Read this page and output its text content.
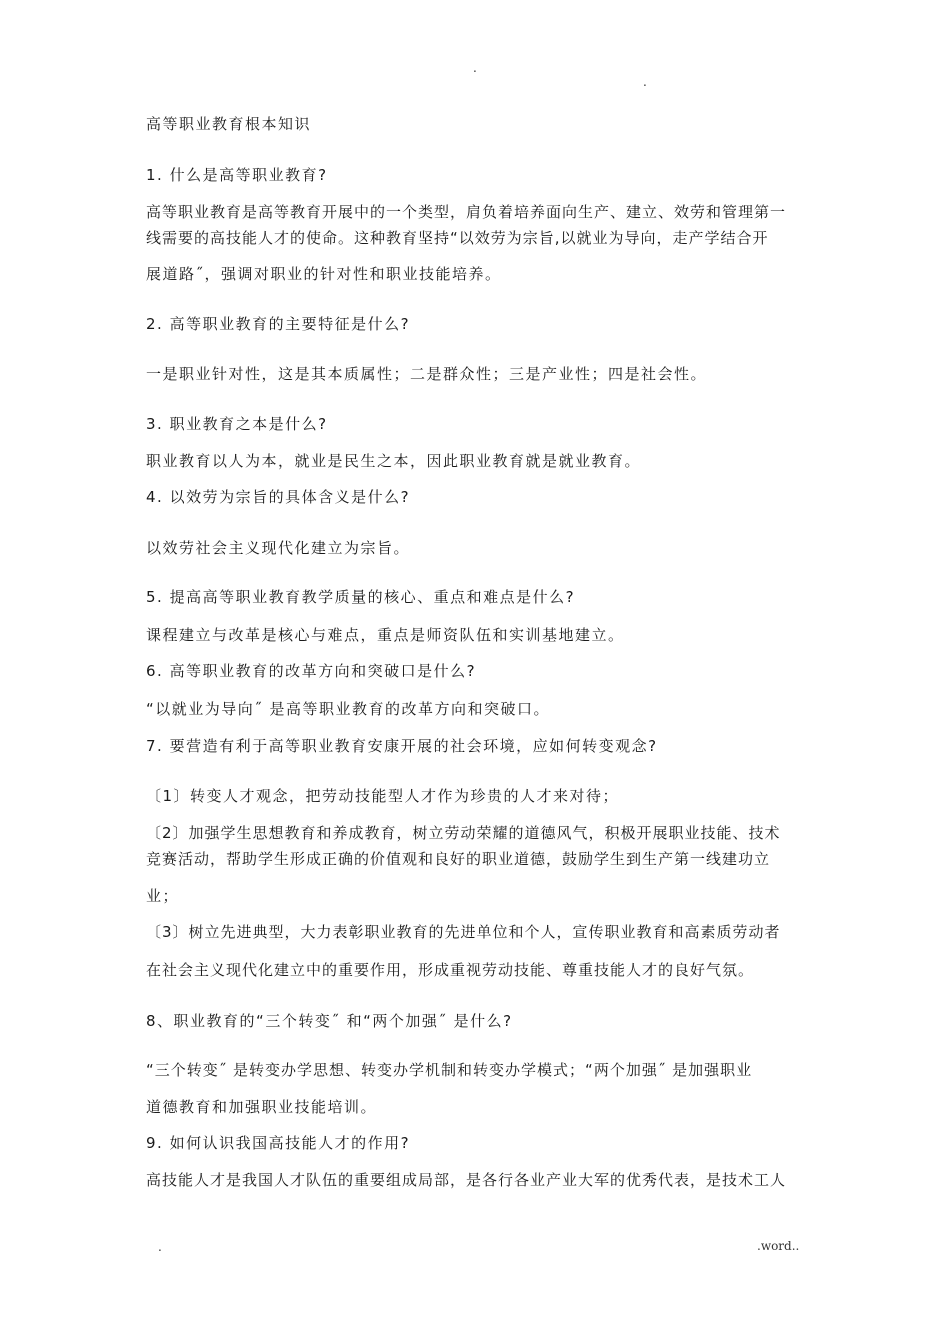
.
.
高等职业教育根本知识
1. 什么是高等职业教育?
高等职业教育是高等教育开展中的一个类型，肩负着培养面向生产、建立、效劳和管理第一
线需要的高技能人才的使命。这种教育坚持“以效劳为宗旨,以就业为导向，走产学结合开
展道路˝，强调对职业的针对性和职业技能培养。
2. 高等职业教育的主要特征是什么?
一是职业针对性，这是其本质属性；二是群众性；三是产业性；四是社会性。
3. 职业教育之本是什么?
职业教育以人为本，就业是民生之本，因此职业教育就是就业教育。
4. 以效劳为宗旨的具体含义是什么?
以效劳社会主义现代化建立为宗旨。
5. 提高高等职业教育教学质量的核心、重点和难点是什么?
课程建立与改革是核心与难点，重点是师资队伍和实训基地建立。
6. 高等职业教育的改革方向和突破口是什么?
“以就业为导向˝ 是高等职业教育的改革方向和突破口。
7. 要营造有利于高等职业教育安康开展的社会环境，应如何转变观念?
〔1〕转变人才观念，把劳动技能型人才作为珍贵的人才来对待；
〔2〕加强学生思想教育和养成教育，树立劳动荣耀的道德风气，积极开展职业技能、技术
竞赛活动，帮助学生形成正确的价值观和良好的职业道德，鼓励学生到生产第一线建功立
业；
〔3〕树立先进典型，大力表彰职业教育的先进单位和个人，宣传职业教育和高素质劳动者
在社会主义现代化建立中的重要作用，形成重视劳动技能、尊重技能人才的良好气氛。
8、职业教育的“三个转变˝ 和“两个加强˝ 是什么?
“三个转变˝ 是转变办学思想、转变办学机制和转变办学模式；“两个加强˝ 是加强职业
道德教育和加强职业技能培训。
9. 如何认识我国高技能人才的作用?
高技能人才是我国人才队伍的重要组成局部，是各行各业产业大军的优秀代表，是技术工人
.	.word..
